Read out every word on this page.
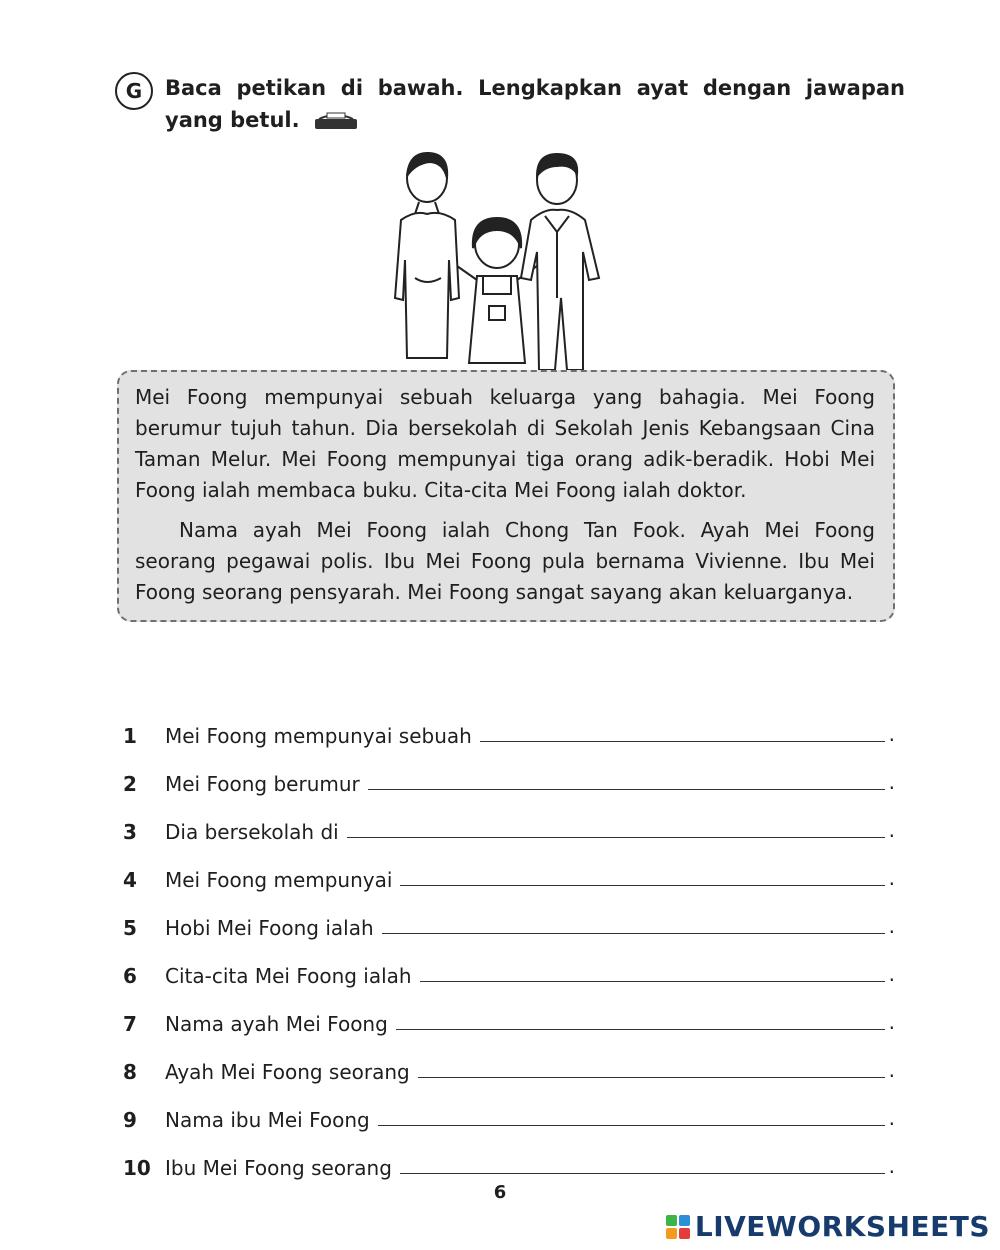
G	Baca petikan di bawah. Lengkapkan ayat dengan jawapan yang betul.

Mei Foong mempunyai sebuah keluarga yang bahagia. Mei Foong berumur tujuh tahun. Dia bersekolah di Sekolah Jenis Kebangsaan Cina Taman Melur. Mei Foong mempunyai tiga orang adik-beradik. Hobi Mei Foong ialah membaca buku. Cita-cita Mei Foong ialah doktor.

Nama ayah Mei Foong ialah Chong Tan Fook. Ayah Mei Foong seorang pegawai polis. Ibu Mei Foong pula bernama Vivienne. Ibu Mei Foong seorang pensyarah. Mei Foong sangat sayang akan keluarganya.

1	Mei Foong mempunyai sebuah	.
2	Mei Foong berumur	.
3	Dia bersekolah di	.
4	Mei Foong mempunyai	.
5	Hobi Mei Foong ialah	.
6	Cita-cita Mei Foong ialah	.
7	Nama ayah Mei Foong	.
8	Ayah Mei Foong seorang	.
9	Nama ibu Mei Foong	.
10 Ibu Mei Foong seorang	.
6
LIVEWORKSHEETS
